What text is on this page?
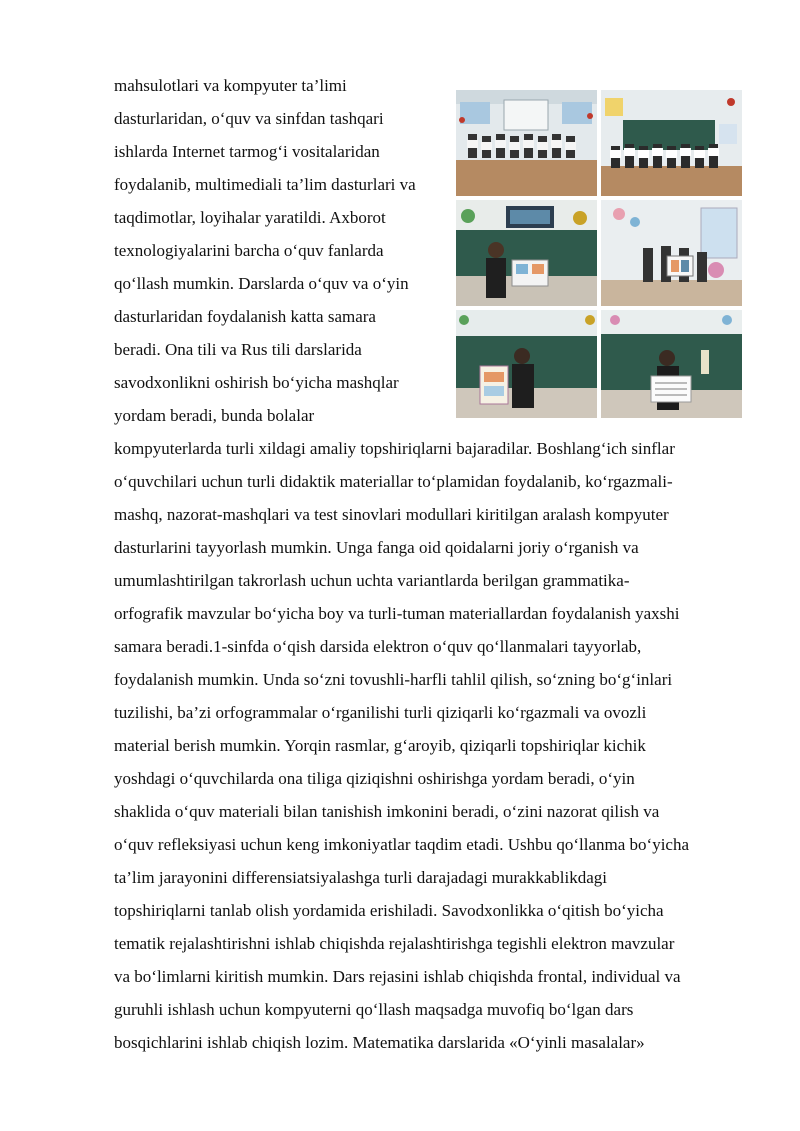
mahsulotlari va kompyuter ta’limi
dasturlaridan, o‘quv va sinfdan tashqari
ishlarda Internet tarmog‘i vositalaridan
foydalanib, multimediali ta’lim dasturlari va
taqdimotlar, loyihalar yaratildi. Axborot
texnologiyalarini barcha o‘quv fanlarda
qo‘llash mumkin. Darslarda o‘quv va o‘yin
dasturlaridan foydalanish katta samara
beradi. Ona tili va Rus tili darslarida
savodxonlikni oshirish bo‘yicha mashqlar
yordam beradi, bunda bolalar
kompyuterlarda turli xildagi amaliy topshiriqlarni bajaradilar. Boshlang‘ich sinflar
o‘quvchilari uchun turli didaktik materiallar to‘plamidan foydalanib, ko‘rgazmali-
mashq, nazorat-mashqlari va test sinovlari modullari kiritilgan aralash kompyuter
dasturlarini tayyorlash mumkin. Unga fanga oid qoidalarni joriy o‘rganish va
umumlashtirilgan takrorlash uchun uchta variantlarda berilgan grammatika-
orfografik mavzular bo‘yicha boy va turli-tuman materiallardan foydalanish yaxshi
samara beradi.1-sinfda o‘qish darsida elektron o‘quv qo‘llanmalari tayyorlab,
foydalanish mumkin. Unda so‘zni tovushli-harfli tahlil qilish, so‘zning bo‘g‘inlari
tuzilishi, ba’zi orfogrammalar o‘rganilishi turli qiziqarli ko‘rgazmali va ovozli
material berish mumkin. Yorqin rasmlar, g‘aroyib, qiziqarli topshiriqlar kichik
yoshdagi o‘quvchilarda ona tiliga qiziqishni oshirishga yordam beradi, o‘yin
shaklida o‘quv materiali bilan tanishish imkonini beradi, o‘zini nazorat qilish va
o‘quv refleksiyasi uchun keng imkoniyatlar taqdim etadi. Ushbu qo‘llanma bo‘yicha
ta’lim jarayonini differensiatsiyalashga turli darajadagi murakkablikdagi
topshiriqlarni tanlab olish yordamida erishiladi. Savodxonlikka o‘qitish bo‘yicha
tematik rejalashtirishni ishlab chiqishda rejalashtirishga tegishli elektron mavzular
va bo‘limlarni kiritish mumkin. Dars rejasini ishlab chiqishda frontal, individual va
guruhli ishlash uchun kompyuterni qo‘llash maqsadga muvofiq bo‘lgan dars
bosqichlarini ishlab chiqish lozim. Matematika darslarida «O‘yinli masalalar»
